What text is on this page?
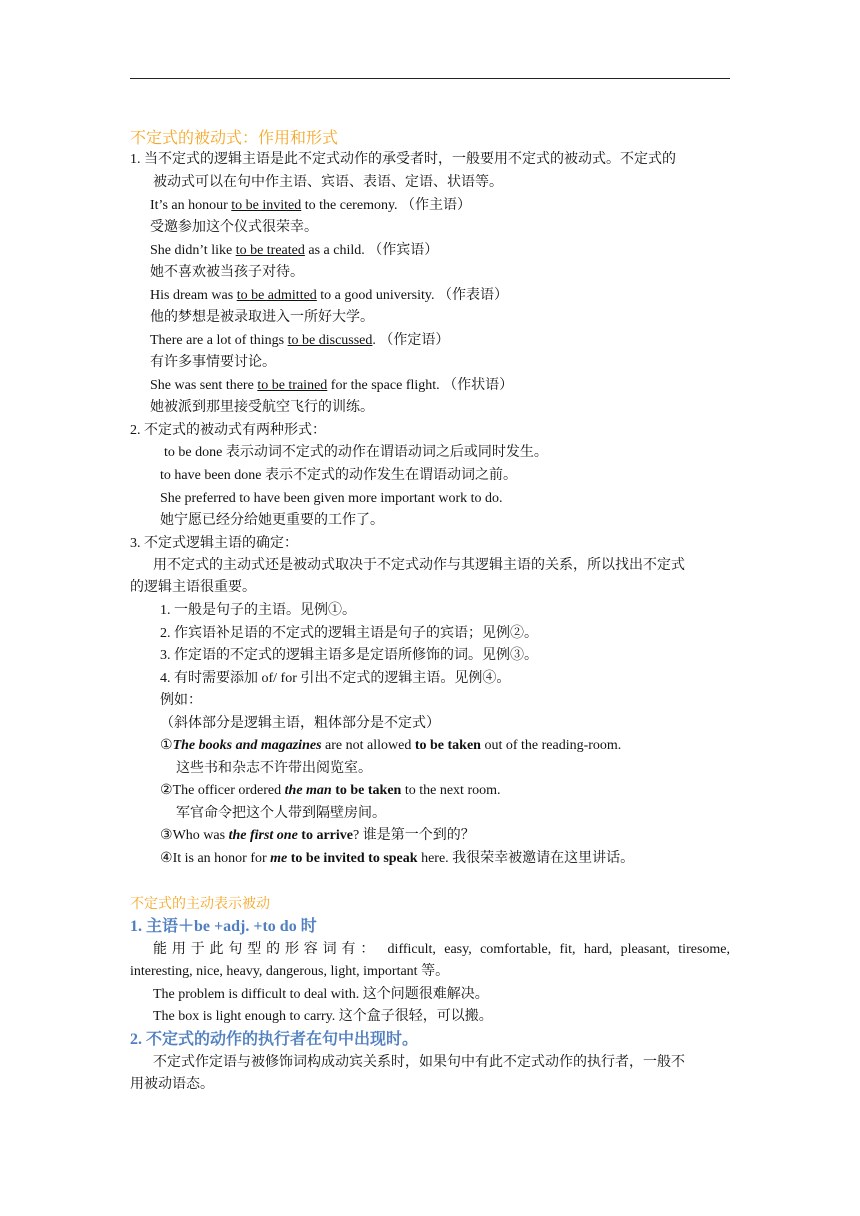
不定式的被动式：作用和形式
1. 当不定式的逻辑主语是此不定式动作的承受者时，一般要用不定式的被动式。不定式的
被动式可以在句中作主语、宾语、表语、定语、状语等。
It’s an honour to be invited to the ceremony. （作主语）
受邀参加这个仪式很荣幸。
She didn’t like to be treated as a child. （作宾语）
她不喜欢被当孩子对待。
His dream was to be admitted to a good university. （作表语）
他的梦想是被录取进入一所好大学。
There are a lot of things to be discussed. （作定语）
有许多事情要讨论。
She was sent there to be trained for the space flight. （作状语）
她被派到那里接受航空飞行的训练。
2. 不定式的被动式有两种形式：
to be done 表示动词不定式的动作在谓语动词之后或同时发生。
to have been done 表示不定式的动作发生在谓语动词之前。
She preferred to have been given more important work to do.
她宁愿已经分给她更重要的工作了。
3. 不定式逻辑主语的确定：
用不定式的主动式还是被动式取决于不定式动作与其逻辑主语的关系，所以找出不定式
的逻辑主语很重要。
1. 一般是句子的主语。见例①。
2. 作宾语补足语的不定式的逻辑主语是句子的宾语；见例②。
3. 作定语的不定式的逻辑主语多是定语所修饰的词。见例③。
4. 有时需要添加 of/ for 引出不定式的逻辑主语。见例④。
例如：
（斜体部分是逻辑主语，粗体部分是不定式）
①The books and magazines are not allowed to be taken out of the reading-room.
这些书和杂志不许带出阅览室。
②The officer ordered the man to be taken to the next room.
军官命令把这个人带到隔壁房间。
③Who was the first one to arrive? 谁是第一个到的？
④It is an honor for me to be invited to speak here. 我很荣幸被邀请在这里讲话。
不定式的主动表示被动
1. 主语＋be +adj. +to do 时
能用于此句型的形容词有： difficult, easy, comfortable, fit, hard, pleasant, tiresome,
interesting, nice, heavy, dangerous, light, important 等。
The problem is difficult to deal with. 这个问题很难解决。
The box is light enough to carry. 这个盒子很轻，可以搬。
2. 不定式的动作的执行者在句中出现时。
不定式作定语与被修饰词构成动宾关系时，如果句中有此不定式动作的执行者，一般不
用被动语态。
